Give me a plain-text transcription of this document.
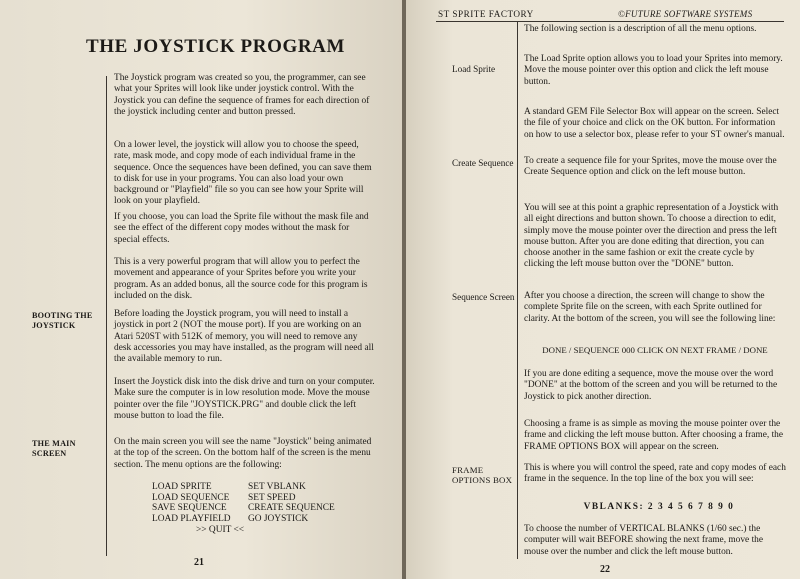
THE JOYSTICK PROGRAM
The Joystick program was created so you, the programmer, can see what your Sprites will look like under joystick control. With the Joystick you can define the sequence of frames for each direction of the joystick including center and button pressed.
On a lower level, the joystick will allow you to choose the speed, rate, mask mode, and copy mode of each individual frame in the sequence. Once the sequences have been defined, you can save them to disk for use in your programs. You can also load your own background or "Playfield" file so you can see how your Sprite will look on your playfield.
If you choose, you can load the Sprite file without the mask file and see the effect of the different copy modes without the mask for special effects.
This is a very powerful program that will allow you to perfect the movement and appearance of your Sprites before you write your program. As an added bonus, all the source code for this program is included on the disk.
BOOTING THE JOYSTICK
Before loading the Joystick program, you will need to install a joystick in port 2 (NOT the mouse port). If you are working on an Atari 520ST with 512K of memory, you will need to remove any desk accessories you may have installed, as the program will need all the available memory to run.
Insert the Joystick disk into the disk drive and turn on your computer. Make sure the computer is in low resolution mode. Move the mouse pointer over the file "JOYSTICK.PRG" and double click the left mouse button to load the file.
THE MAIN SCREEN
On the main screen you will see the name "Joystick" being animated at the top of the screen. On the bottom half of the screen is the menu section. The menu options are the following:
LOAD SPRITE	SET VBLANK
LOAD SEQUENCE	SET SPEED
SAVE SEQUENCE	CREATE SEQUENCE
LOAD PLAYFIELD	GO JOYSTICK
>> QUIT <<
21
ST SPRITE FACTORY	©FUTURE SOFTWARE SYSTEMS
The following section is a description of all the menu options.
Load Sprite
The Load Sprite option allows you to load your Sprites into memory. Move the mouse pointer over this option and click the left mouse button.
A standard GEM File Selector Box will appear on the screen. Select the file of your choice and click on the OK button. For information on how to use a selector box, please refer to your ST owner's manual.
Create Sequence To create a sequence file for your Sprites, move the mouse over the Create Sequence option and click on the left mouse button.
You will see at this point a graphic representation of a Joystick with all eight directions and button shown. To choose a direction to edit, simply move the mouse pointer over the direction and press the left mouse button. After you are done editing that direction, you can choose another in the same fashion or exit the create cycle by clicking the left mouse button over the "DONE" button.
Sequence Screen After you choose a direction, the screen will change to show the complete Sprite file on the screen, with each Sprite outlined for clarity. At the bottom of the screen, you will see the following line:
DONE / SEQUENCE 000 CLICK ON NEXT FRAME / DONE
If you are done editing a sequence, move the mouse over the word "DONE" at the bottom of the screen and you will be returned to the Joystick to pick another direction.
Choosing a frame is as simple as moving the mouse pointer over the frame and clicking the left mouse button. After choosing a frame, the FRAME OPTIONS BOX will appear on the screen.
FRAME OPTIONS BOX
This is where you will control the speed, rate and copy modes of each frame in the sequence. In the top line of the box you will see:
VBLANKS: 2 3 4 5 6 7 8 9 0
To choose the number of VERTICAL BLANKS (1/60 sec.) the computer will wait BEFORE showing the next frame, move the mouse over the number and click the left mouse button.
22
